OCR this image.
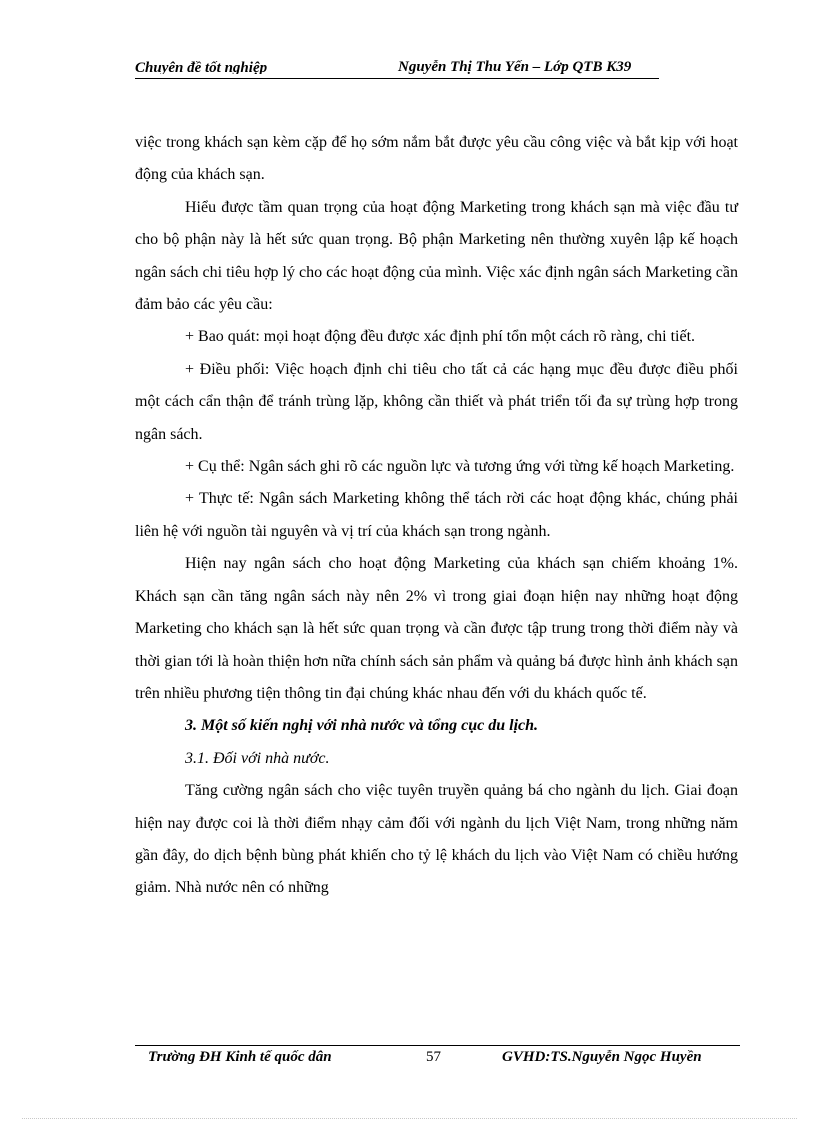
Chuyên đề tốt nghiệp	Nguyễn Thị Thu Yến – Lớp QTB K39

việc trong khách sạn kèm cặp để họ sớm nắm bắt được yêu cầu công việc và bắt kịp với hoạt động của khách sạn.

Hiểu được tầm quan trọng của hoạt động Marketing trong khách sạn mà việc đầu tư cho bộ phận này là hết sức quan trọng. Bộ phận Marketing nên thường xuyên lập kế hoạch ngân sách chi tiêu hợp lý cho các hoạt động của mình. Việc xác định ngân sách Marketing cần đảm bảo các yêu cầu:

+ Bao quát: mọi hoạt động đều được xác định phí tổn một cách rõ ràng, chi tiết.

+ Điều phối: Việc hoạch định chi tiêu cho tất cả các hạng mục đều được điều phối một cách cẩn thận để tránh trùng lặp, không cần thiết và phát triển tối đa sự trùng hợp trong ngân sách.

+ Cụ thể: Ngân sách ghi rõ các nguồn lực và tương ứng với từng kế hoạch Marketing.

+ Thực tế: Ngân sách Marketing không thể tách rời các hoạt động khác, chúng phải liên hệ với nguồn tài nguyên và vị trí của khách sạn trong ngành.

Hiện nay ngân sách cho hoạt động Marketing của khách sạn chiếm khoảng 1%. Khách sạn cần tăng ngân sách này nên 2% vì trong giai đoạn hiện nay những hoạt động Marketing cho khách sạn là hết sức quan trọng và cần được tập trung trong thời điểm này và thời gian tới là hoàn thiện hơn nữa chính sách sản phẩm và quảng bá được hình ảnh khách sạn trên nhiều phương tiện thông tin đại chúng khác nhau đến với du khách quốc tế.

3. Một số kiến nghị với nhà nước và tổng cục du lịch.

3.1. Đối với nhà nước.

Tăng cường ngân sách cho việc tuyên truyền quảng bá cho ngành du lịch. Giai đoạn hiện nay được coi là thời điểm nhạy cảm đối với ngành du lịch Việt Nam, trong những năm gần đây, do dịch bệnh bùng phát khiến cho tỷ lệ khách du lịch vào Việt Nam có chiều hướng giảm. Nhà nước nên có những

Trường ĐH Kinh tế quốc dân	57	GVHD:TS.Nguyễn Ngọc Huyền
